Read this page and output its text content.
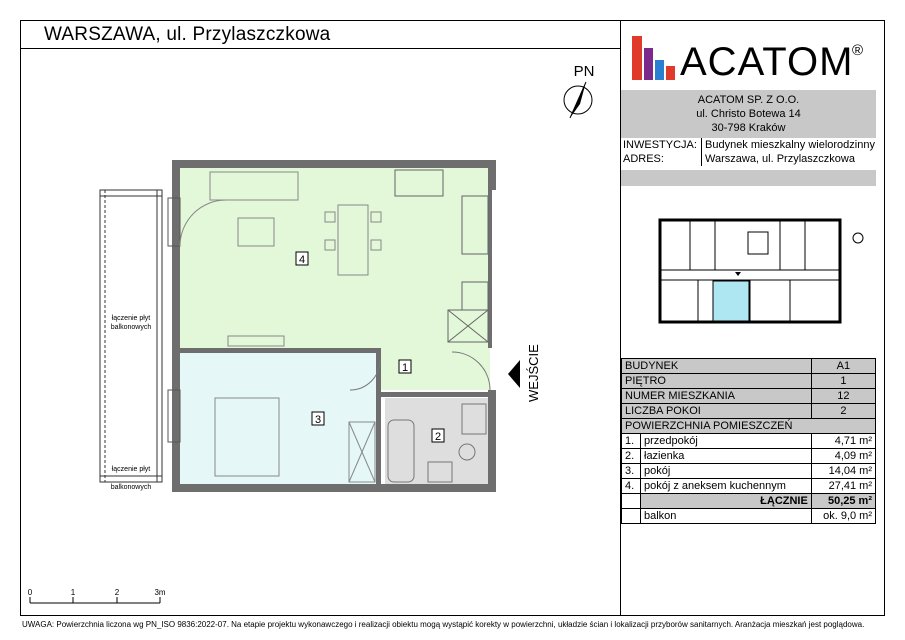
WARSZAWA, ul. Przylaszczkowa
ACATOM
®
ACATOM SP. Z O.O.
ul. Christo Botewa 14
30-798 Kraków
INWESTYCJA: Budynek mieszkalny wielorodzinny
ADRES:	Warszawa, ul. Przylaszczkowa
BUDYNEK		A1
PIĘTRO		1
NUMER MIESZKANIA		12
LICZBA POKOI		2
POWIERZCHNIA POMIESZCZEŃ		
1.	przedpokój	4,71 m²
2.	łazienka	4,09 m²
3.	pokój	14,04 m²
4.	pokój z aneksem kuchennym	27,41 m²
	ŁĄCZNIE	50,25 m²
	balkon	ok. 9,0 m²
4
1
3
2
łączenie płyt
balkonowych
łączenie płyt
balkonowych
WEJŚCIE
PN
0	1	2	3m
UWAGA: Powierzchnia liczona wg PN_ISO 9836:2022-07. Na etapie projektu wykonawczego i realizacji obiektu mogą wystąpić korekty w powierzchni, układzie ścian i lokalizacji przyborów sanitarnych. Aranżacja mieszkań jest poglądowa.
